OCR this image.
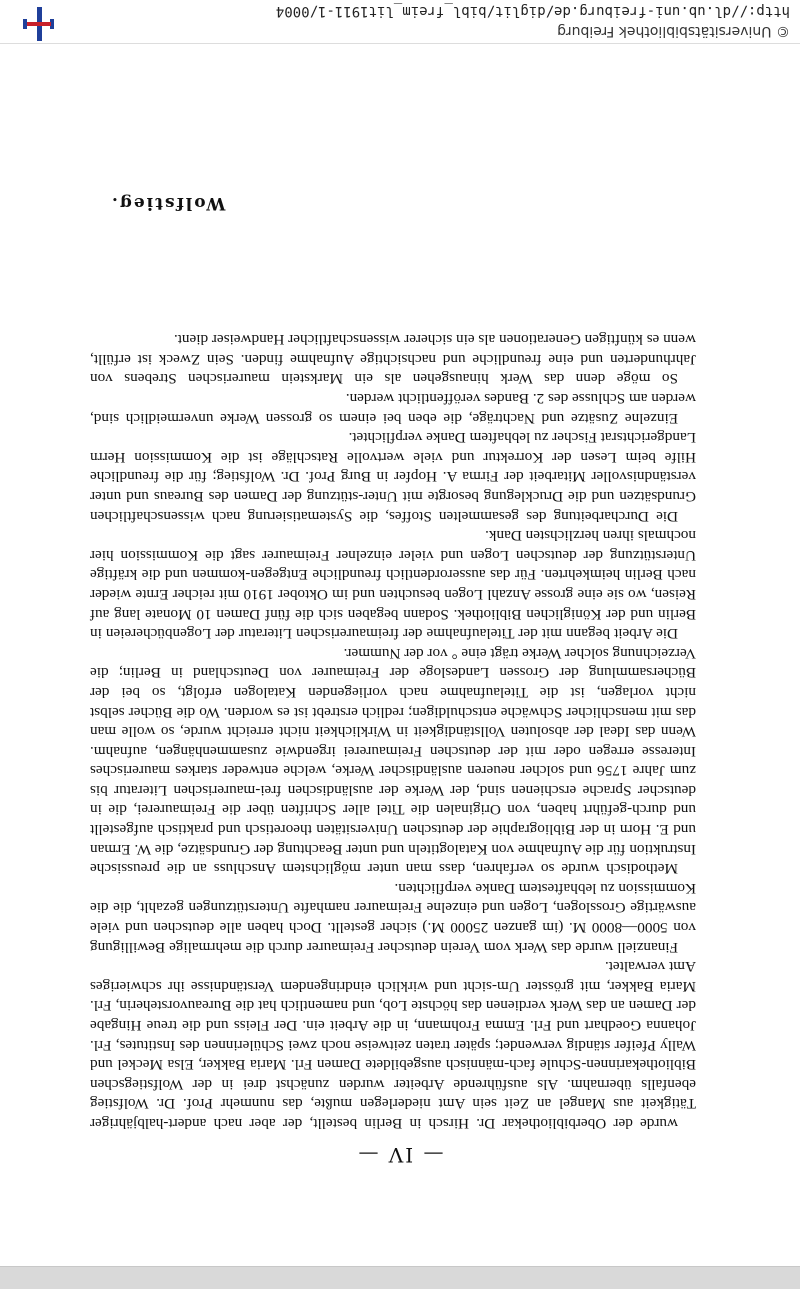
— IV —

wurde der Oberbibliothekar Dr. Hirsch in Berlin bestellt, der aber nach andert-halbjähriger Tätigkeit aus Mangel an Zeit sein Amt niederlegen mußte, das nunmehr Prof. Dr. Wolfstieg ebenfalls übernahm. Als ausführende Arbeiter wurden zunächst drei in der Wolfstiegschen Bibliothekarinnen-Schule fach-männisch ausgebildete Damen Frl. Maria Bakker, Elsa Meckel und Wally Pfeifer ständig verwendet; später traten zeitweise noch zwei Schülerinnen des Institutes, Frl. Johanna Goedhart und Frl. Emma Frohmann, in die Arbeit ein. Der Fleiss und die treue Hingabe der Damen an das Werk verdienen das höchste Lob, und namentlich hat die Bureauvorsteherin, Frl. Maria Bakker, mit grösster Um-sicht und wirklich eindringendem Verständnisse ihr schwieriges Amt verwaltet.

Finanziell wurde das Werk vom Verein deutscher Freimaurer durch die mehrmalige Bewilligung von 5000—8000 M. (im ganzen 25000 M.) sicher gestellt. Doch haben alle deutschen und viele auswärtige Grosslogen, Logen und einzelne Freimaurer namhafte Unterstützungen gezahlt, die die Kommission zu lebhaftestem Danke verpflichten.

Methodisch wurde so verfahren, dass man unter möglichstem Anschluss an die preussische Instruktion für die Aufnahme von Katalogtiteln und unter Beachtung der Grundsätze, die W. Erman und E. Horn in der Bibliographie der deutschen Universitäten theoretisch und praktisch aufgestellt und durch-geführt haben, von Originalen die Titel aller Schriften über die Freimaurerei, die in deutscher Sprache erschienen sind, der Werke der ausländischen frei-maurerischen Literatur bis zum Jahre 1756 und solcher neueren ausländischer Werke, welche entweder starkes maurerisches Interesse erregen oder mit der deutschen Freimaurerei irgendwie zusammenhängen, aufnahm. Wenn das Ideal der absoluten Vollständigkeit in Wirklichkeit nicht erreicht wurde, so wolle man das mit menschlicher Schwäche entschuldigen; redlich erstrebt ist es worden. Wo die Bücher selbst nicht vorlagen, ist die Titelaufnahme nach vorliegenden Katalogen erfolgt, so bei der Büchersammlung der Grossen Landesloge der Freimaurer von Deutschland in Berlin; die Verzeichnung solcher Werke trägt eine ° vor der Nummer.

Die Arbeit begann mit der Titelaufnahme der freimaurerischen Literatur der Logenbüchereien in Berlin und der Königlichen Bibliothek. Sodann begaben sich die fünf Damen 10 Monate lang auf Reisen, wo sie eine grosse Anzahl Logen besuchten und im Oktober 1910 mit reicher Ernte wieder nach Berlin heimkehrten. Für das ausserordentlich freundliche Entgegen-kommen und die kräftige Unterstützung der deutschen Logen und vieler einzelner Freimaurer sagt die Kommission hier nochmals ihren herzlichsten Dank.

Die Durcharbeitung des gesammelten Stoffes, die Systematisierung nach wissenschaftlichen Grundsätzen und die Drucklegung besorgte mit Unter-stützung der Damen des Bureaus und unter verständnisvoller Mitarbeit der Firma A. Hopfer in Burg Prof. Dr. Wolfstieg; für die freundliche Hilfe beim Lesen der Korrektur und viele wertvolle Ratschläge ist die Kommission Herrn Landgerichtsrat Fischer zu lebhaftem Danke verpflichtet.

Einzelne Zusätze und Nachträge, die eben bei einem so grossen Werke unvermeidlich sind, werden am Schlusse des 2. Bandes veröffentlicht werden.

So möge denn das Werk hinausgehen als ein Markstein maurerischen Strebens von Jahrhunderten und eine freundliche und nachsichtige Aufnahme finden. Sein Zweck ist erfüllt, wenn es künftigen Generationen als ein sicherer wissenschaftlicher Handweiser dient.

Wolfstieg.
© Universitätsbibliothek Freiburg
http://dl.ub.uni-freiburg.de/diglit/bibl_freim_lit1911-1/0004
